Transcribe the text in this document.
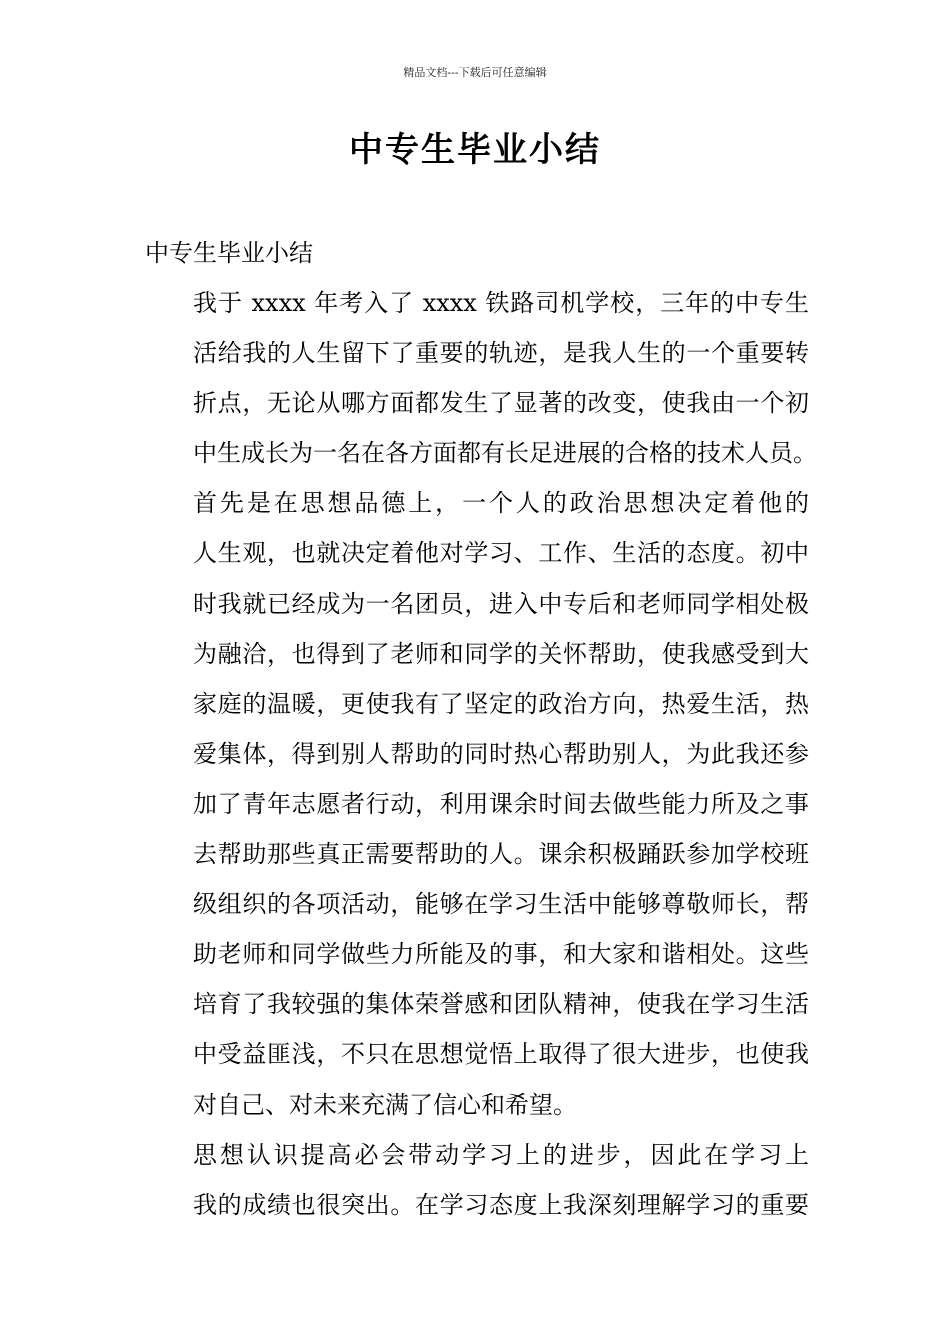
精品文档---下载后可任意编辑
中专生毕业小结

中专生毕业小结

我于 xxxx 年考入了 xxxx 铁路司机学校，三年的中专生
活给我的人生留下了重要的轨迹，是我人生的一个重要转
折点，无论从哪方面都发生了显著的改变，使我由一个初
中生成长为一名在各方面都有长足进展的合格的技术人员。

首先是在思想品德上，一个人的政治思想决定着他的
人生观，也就决定着他对学习、工作、生活的态度。初中
时我就已经成为一名团员，进入中专后和老师同学相处极
为融洽，也得到了老师和同学的关怀帮助，使我感受到大
家庭的温暖，更使我有了坚定的政治方向，热爱生活，热
爱集体，得到别人帮助的同时热心帮助别人，为此我还参
加了青年志愿者行动，利用课余时间去做些能力所及之事
去帮助那些真正需要帮助的人。课余积极踊跃参加学校班
级组织的各项活动，能够在学习生活中能够尊敬师长，帮
助老师和同学做些力所能及的事，和大家和谐相处。这些
培育了我较强的集体荣誉感和团队精神，使我在学习生活
中受益匪浅，不只在思想觉悟上取得了很大进步，也使我
对自己、对未来充满了信心和希望。

思想认识提高必会带动学习上的进步，因此在学习上
我的成绩也很突出。在学习态度上我深刻理解学习的重要
